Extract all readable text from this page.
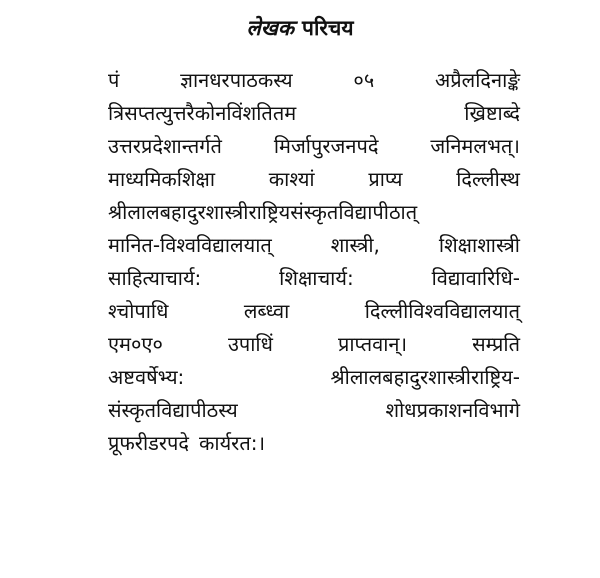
लेखक परिचय
पं	ज्ञानधरपाठकस्य	०५	अप्रैलदिनाङ्के
त्रिसप्तत्युत्तरैकोनविंशतितम	ख्रिष्टाब्दे
उत्तरप्रदेशान्तर्गते	मिर्जापुरजनपदे	जनिमलभत्।
माध्यमिकशिक्षा	काश्यां	प्राप्य	दिल्लीस्थ
श्रीलालबहादुरशास्त्रीराष्ट्रियसंस्कृतविद्यापीठात्
मानित-विश्वविद्यालयात्	शास्त्री,	शिक्षाशास्त्री
साहित्याचार्य:	शिक्षाचार्य:	विद्यावारिधि-
श्चोपाधि	लब्ध्वा	दिल्लीविश्वविद्यालयात्
एम०ए०	उपाधिं	प्राप्तवान्।	सम्प्रति
अष्टवर्षेभ्य:	श्रीलालबहादुरशास्त्रीराष्ट्रिय-
संस्कृतविद्यापीठस्य	शोधप्रकाशनविभागे
प्रूफरीडरपदे कार्यरत:।
